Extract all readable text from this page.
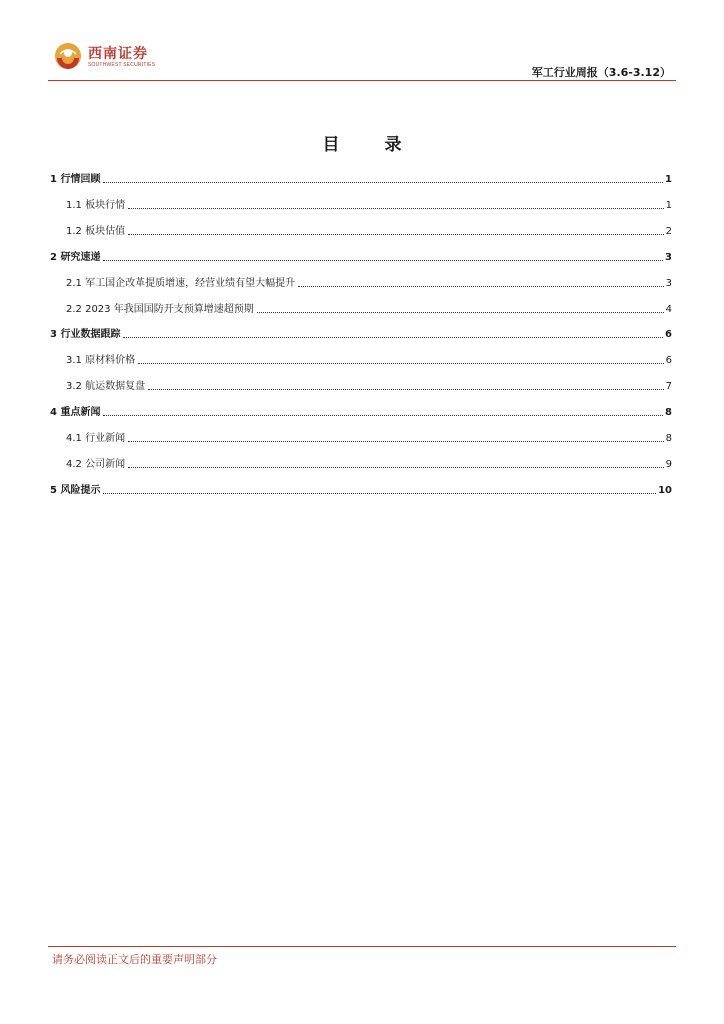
西南证券
SOUTHWEST SECURITIES
军工行业周报（3.6-3.12）
目　录
1 行情回顾	1
1.1 板块行情	1
1.2 板块估值	2
2 研究速递	3
2.1 军工国企改革提质增速，经营业绩有望大幅提升	3
2.2 2023 年我国国防开支预算增速超预期	4
3 行业数据跟踪	6
3.1 原材料价格	6
3.2 航运数据复盘	7
4 重点新闻	8
4.1 行业新闻	8
4.2 公司新闻	9
5 风险提示	10
请务必阅读正文后的重要声明部分
